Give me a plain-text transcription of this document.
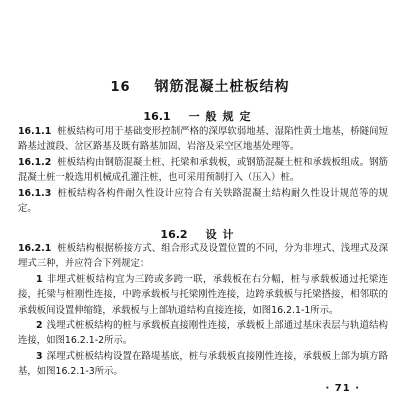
16 钢筋混凝土桩板结构
16.1 一般规定

16.1.1 桩板结构可用于基础变形控制严格的深厚软弱地基、湿陷性黄土地基，桥隧间短路基过渡段、岔区路基及既有路基加固、岩溶及采空区地基处理等。

16.1.2 桩板结构由钢筋混凝土桩、托梁和承载板，或钢筋混凝土桩和承载板组成。钢筋混凝土桩一般选用机械成孔灌注桩，也可采用预制打入（压入）桩。

16.1.3 桩板结构各构件耐久性设计应符合有关铁路混凝土结构耐久性设计规范等的规定。

16.2 设计

16.2.1 桩板结构根据桥接方式、组合形式及设置位置的不同，分为非埋式、浅埋式及深埋式三种，并应符合下列规定：

1 非埋式桩板结构宜为三跨或多跨一联，承载板在右分幅，桩与承载板通过托梁连接，托梁与桩刚性连接，中跨承载板与托梁刚性连接，边跨承载板与托梁搭接，相邻联的承载板间设置伸缩缝，承载板与上部轨道结构直接连接，如图16.2.1-1所示。

2 浅埋式桩板结构的桩与承载板直接刚性连接，承载板上部通过基床表层与轨道结构连接，如图16.2.1-2所示。

3 深埋式桩板结构设置在路堤基底，桩与承载板直接刚性连接，承载板上部为填方路基，如图16.2.1-3所示。

· 71 ·
